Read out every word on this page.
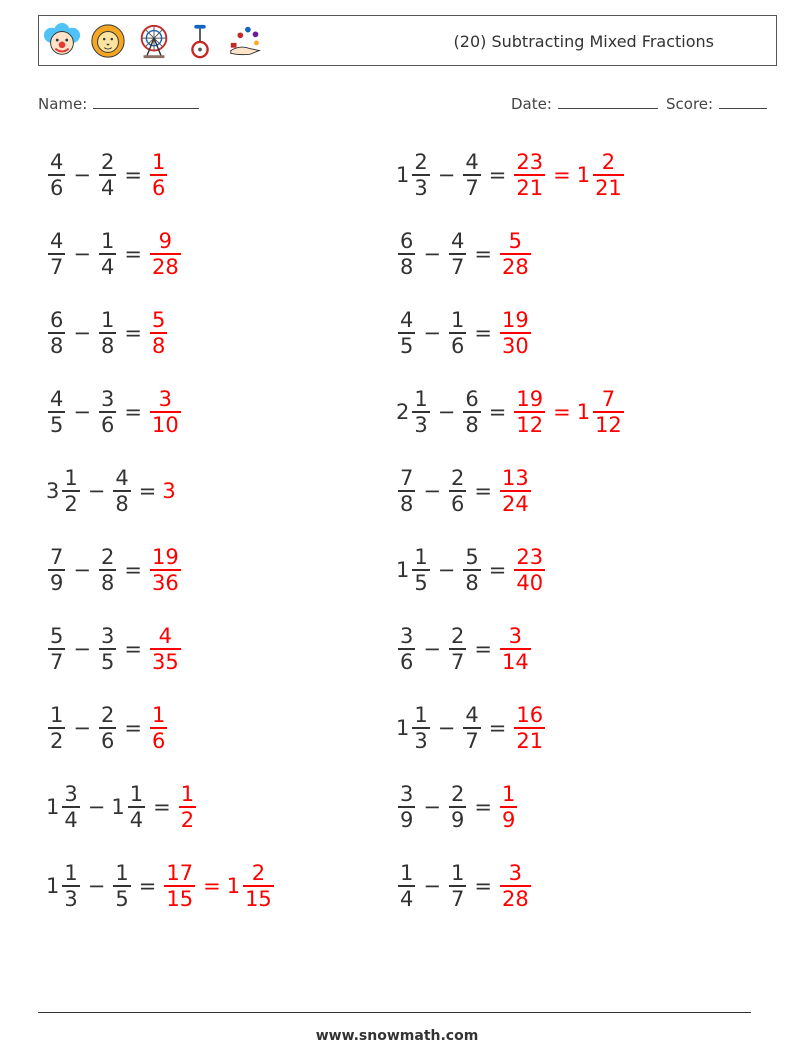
(20) Subtracting Mixed Fractions
Name:	Date:	Score:
$\frac{4}{6} - \frac{2}{4} = \frac{1}{6}$	$1 \frac{2}{3} - \frac{4}{7} = \frac{23}{21} = 1 \frac{2}{21}$
$\frac{4}{7} - \frac{1}{4} = \frac{9}{28}$	$\frac{6}{8} - \frac{4}{7} = \frac{5}{28}$
$\frac{6}{8} - \frac{1}{8} = \frac{5}{8}$	$\frac{4}{5} - \frac{1}{6} = \frac{19}{30}$
$\frac{4}{5} - \frac{3}{6} = \frac{3}{10}$	$2 \frac{1}{3} - \frac{6}{8} = \frac{19}{12} = 1 \frac{7}{12}$
$3 \frac{1}{2} - \frac{4}{8} = 3$	$\frac{7}{8} - \frac{2}{6} = \frac{13}{24}$
$\frac{7}{9} - \frac{2}{8} = \frac{19}{36}$	$1 \frac{1}{5} - \frac{5}{8} = \frac{23}{40}$
$\frac{5}{7} - \frac{3}{5} = \frac{4}{35}$	$\frac{3}{6} - \frac{2}{7} = \frac{3}{14}$
$\frac{1}{2} - \frac{2}{6} = \frac{1}{6}$	$1 \frac{1}{3} - \frac{4}{7} = \frac{16}{21}$
$1 \frac{3}{4} - 1 \frac{1}{4} = \frac{1}{2}$	$\frac{3}{9} - \frac{2}{9} = \frac{1}{9}$
$1 \frac{1}{3} - \frac{1}{5} = \frac{17}{15} = 1 \frac{2}{15}$	$\frac{1}{4} - \frac{1}{7} = \frac{3}{28}$
www.snowmath.com
